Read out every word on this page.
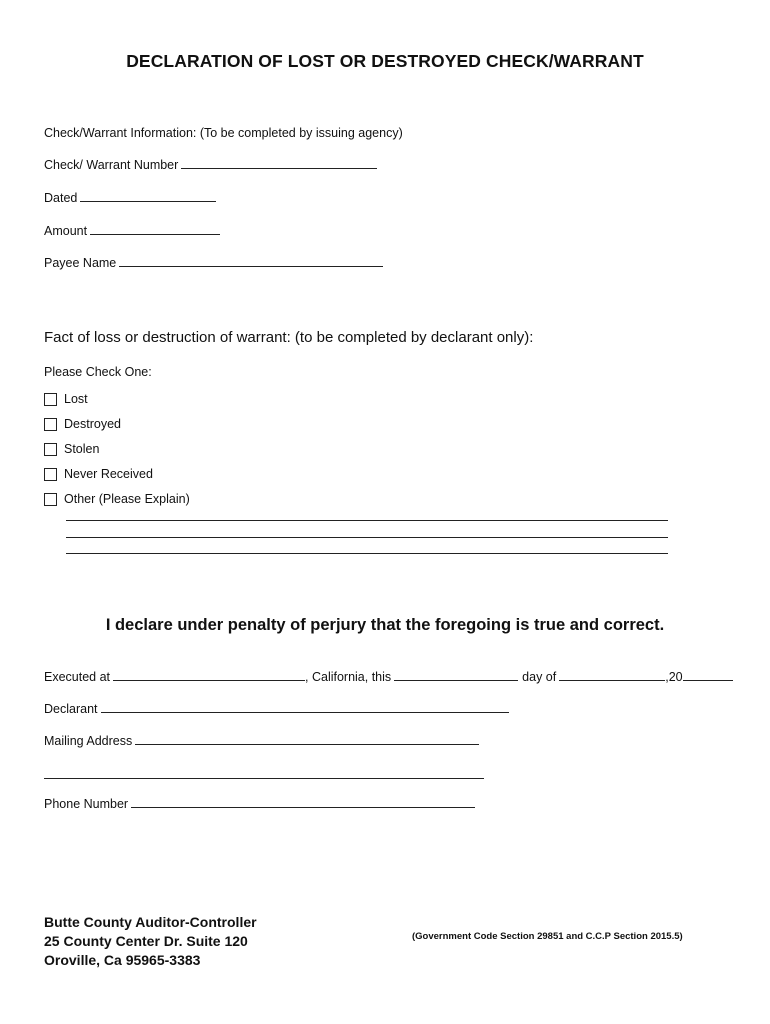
DECLARATION OF LOST OR DESTROYED CHECK/WARRANT
Check/Warrant Information: (To be completed by issuing agency)
Check/ Warrant Number
Dated
Amount
Payee Name
Fact of loss or destruction of warrant: (to be completed by declarant only):
Please Check One:
Lost
Destroyed
Stolen
Never Received
Other (Please Explain)
I declare under penalty of perjury that the foregoing is true and correct.
Executed at	, California, this	day of	,20
Declarant
Mailing Address
Phone Number
Butte County Auditor-Controller
25 County Center Dr. Suite 120
Oroville, Ca 95965-3383
(Government Code Section 29851 and C.C.P Section 2015.5)
